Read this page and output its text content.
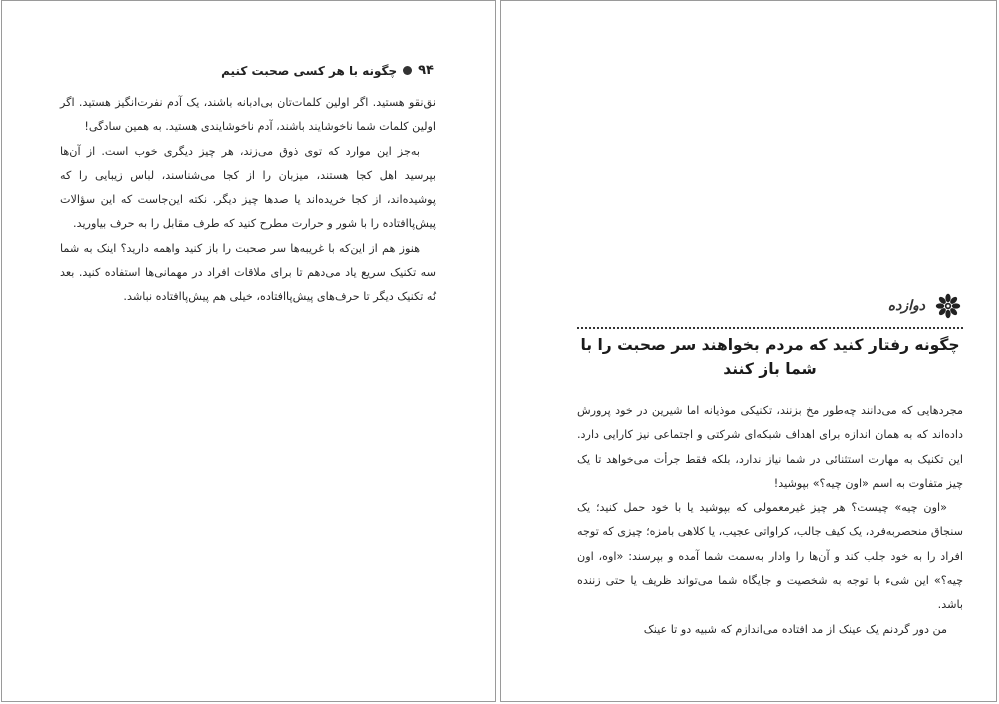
۹۴
چگونه با هر کسی صحبت کنیم

نق‌نقو هستید. اگر اولین کلمات‌تان بی‌ادبانه باشند، یک آدم نفرت‌انگیز هستید. اگر اولین کلمات شما ناخوشایند باشند، آدم ناخوشایندی هستید. به همین سادگی!

به‌جز این موارد که توی ذوق می‌زند، هر چیز دیگری خوب است. از آن‌ها بپرسید اهل کجا هستند، میزبان را از کجا می‌شناسند، لباس زیبایی را که پوشیده‌اند، از کجا خریده‌اند یا صدها چیز دیگر. نکته این‌جاست که این سؤالات پیش‌پاافتاده را با شور و حرارت مطرح کنید که طرف مقابل را به حرف بیاورید.

هنوز هم از این‌که با غریبه‌ها سر صحبت را باز کنید واهمه دارید؟ اینک به شما سه تکنیک سریع یاد می‌دهم تا برای ملاقات افراد در مهمانی‌ها استفاده کنید. بعد نُه تکنیک دیگر تا حرف‌های پیش‌پاافتاده، خیلی هم پیش‌پاافتاده نباشد.

دوازده
چگونه رفتار کنید که مردم بخواهند سر صحبت را با شما باز کنند

مجردهایی که می‌دانند چه‌طور مخ بزنند، تکنیکی موذیانه اما شیرین در خود پرورش داده‌اند که به همان اندازه برای اهداف شبکه‌ای شرکتی و اجتماعی نیز کارایی دارد. این تکنیک به مهارت استثنائی در شما نیاز ندارد، بلکه فقط جرأت می‌خواهد تا یک چیز متفاوت به اسم «اون چیه؟» بپوشید!

«اون چیه» چیست؟ هر چیز غیرمعمولی که بپوشید یا با خود حمل کنید؛ یک سنجاق منحصربه‌فرد، یک کیف جالب، کراواتی عجیب، یا کلاهی بامزه؛ چیزی که توجه افراد را به خود جلب کند و آن‌ها را وادار به‌سمت شما آمده و بپرسند: «اوه، اون چیه؟» این شیء با توجه به شخصیت و جایگاه شما می‌تواند ظریف یا حتی زننده باشد.

من دور گردنم یک عینک از مد افتاده می‌اندازم که شبیه دو تا عینک
